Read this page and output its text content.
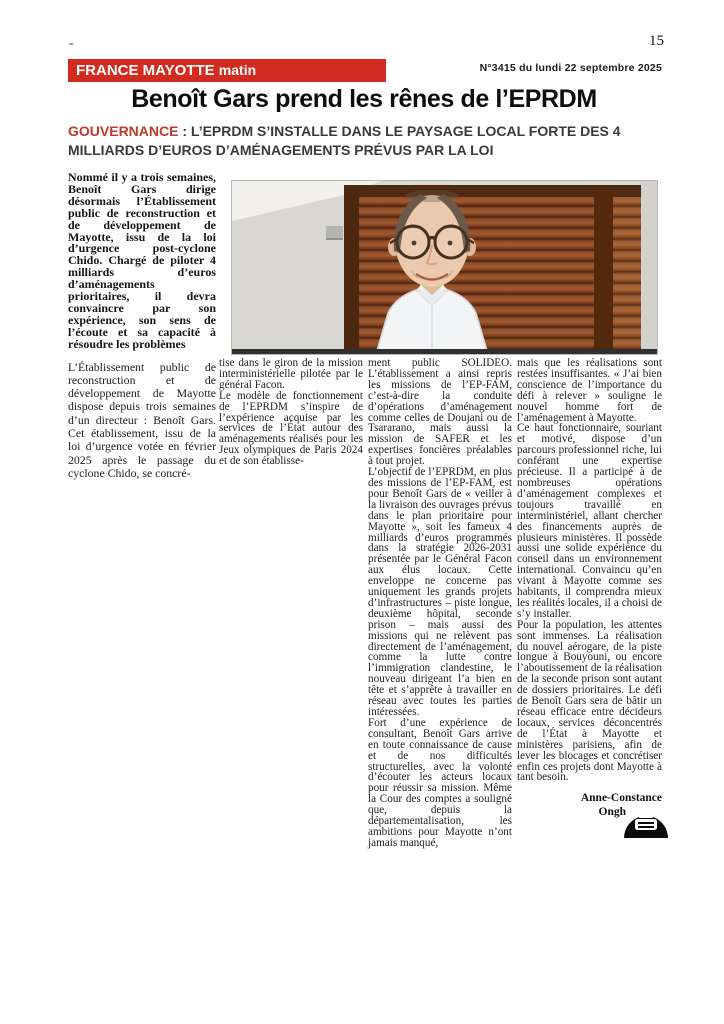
-	15
FRANCE MAYOTTE matin	N°3415 du lundi 22 septembre 2025
Benoît Gars prend les rênes de l’EPRDM
GOUVERNANCE : L’EPRDM S’INSTALLE DANS LE PAYSAGE LOCAL FORTE DES 4 MILLIARDS D’EUROS D’AMÉNAGEMENTS PRÉVUS PAR LA LOI

Nommé il y a trois semaines, Benoît Gars dirige désormais l’Établissement public de reconstruction et de développement de Mayotte, issu de la loi d’urgence post-cyclone Chido. Chargé de piloter 4 milliards d’euros d’aménagements prioritaires, il devra convaincre par son expérience, son sens de l’écoute et sa capacité à résoudre les problèmes

L’Établissement public de reconstruction et de développement de Mayotte dispose depuis trois semaines d’un directeur : Benoît Gars. Cet établissement, issu de la loi d’urgence votée en février 2025 après le passage du cyclone Chido, se concré-

tise dans le giron de la mission interministérielle pilotée par le général Facon.

Le modèle de fonctionnement de l’EPRDM s’inspire de l’expérience acquise par les services de l’État autour des aménagements réalisés pour les Jeux olympiques de Paris 2024 et de son établisse-

ment public SOLIDEO. L’établissement a ainsi repris les missions de l’EP-FAM, c’est-à-dire la conduite d’opérations d’aménagement comme celles de Doujani ou de Tsararano, mais aussi la mission de SAFER et les expertises foncières préalables à tout projet.

L’objectif de l’EPRDM, en plus des missions de l’EP-FAM, est pour Benoît Gars de « veiller à la livraison des ouvrages prévus dans le plan prioritaire pour Mayotte », soit les fameux 4 milliards d’euros programmés dans la stratégie 2026-2031 présentée par le Général Facon aux élus locaux. Cette enveloppe ne concerne pas uniquement les grands projets d’infrastructures – piste longue, deuxième hôpital, seconde prison – mais aussi des missions qui ne relèvent pas directement de l’aménagement, comme la lutte contre l’immigration clandestine, le nouveau dirigeant l’a bien en tête et s’apprête à travailler en réseau avec toutes les parties intéressées.

Fort d’une expérience de consultant, Benoît Gars arrive en toute connaissance de cause et de nos difficultés structurelles, avec la volonté d’écouter les acteurs locaux pour réussir sa mission. Même la Cour des comptes a souligné que, depuis la départementalisation, les ambitions pour Mayotte n’ont jamais manqué,

mais que les réalisations sont restées insuffisantes. « J’ai bien conscience de l’importance du défi à relever » souligne le nouvel homme fort de l’aménagement à Mayotte.

Ce haut fonctionnaire, souriant et motivé, dispose d’un parcours professionnel riche, lui conférant une expertise précieuse. Il a participé à de nombreuses opérations d’aménagement complexes et toujours travaillé en interministériel, allant chercher des financements auprès de plusieurs ministères. Il possède aussi une solide expérience du conseil dans un environnement international. Convaincu qu’en vivant à Mayotte comme ses habitants, il comprendra mieux les réalités locales, il a choisi de s’y installer.

Pour la population, les attentes sont immenses. La réalisation du nouvel aérogare, de la piste longue à Bouyouni, ou encore l’aboutissement de la réalisation de la seconde prison sont autant de dossiers prioritaires. Le défi de Benoît Gars sera de bâtir un réseau efficace entre décideurs locaux, services déconcentrés de l’État à Mayotte et ministères parisiens, afin de lever les blocages et concrétiser enfin ces projets dont Mayotte à tant besoin.

Anne-Constance
Ongh
